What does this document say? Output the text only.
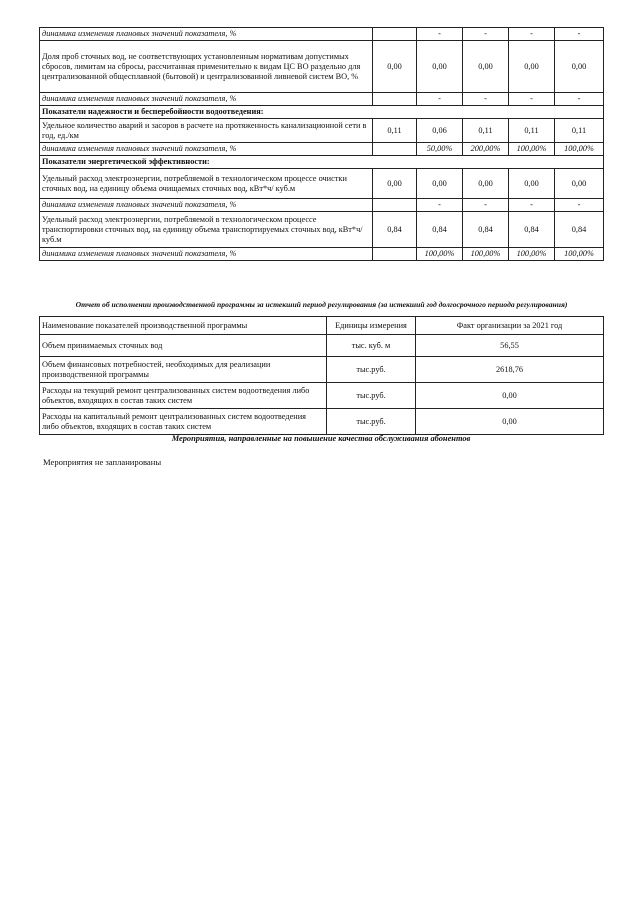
динамика изменения плановых значений показателя, %		-	-	-	-
Доля проб сточных вод, не соответствующих установленным нормативам допустимых сбросов, лимитам на сбросы, рассчитанная применительно к видам ЦС ВО раздельно для централизованной общесплавной (бытовой) и централизованной ливневой систем ВО, %	0,00	0,00	0,00	0,00	0,00
динамика изменения плановых значений показателя, %		-	-	-	-
Показатели надежности и бесперебойности водоотведения:					
Удельное количество аварий и засоров в расчете на протяженность канализационной сети в год, ед./км	0,11	0,06	0,11	0,11	0,11
динамика изменения плановых значений показателя, %		50,00%	200,00%	100,00%	100,00%
Показатели энергетической эффективности:					
Удельный расход электроэнергии, потребляемой в технологическом процессе очистки сточных вод, на единицу объема очищаемых сточных вод, кВт*ч/ куб.м	0,00	0,00	0,00	0,00	0,00
динамика изменения плановых значений показателя, %		-	-	-	-
Удельный расход электроэнергии, потребляемой в технологическом процессе транспортировки сточных вод, на единицу объема транспортируемых сточных вод, кВт*ч/ куб.м	0,84	0,84	0,84	0,84	0,84
динамика изменения плановых значений показателя, %		100,00%	100,00%	100,00%	100,00%
Отчет об исполнении производственной программы за истекший период регулирования (за истекший год долгосрочного периода регулирования)		
Наименование показателей производственной программы	Единицы измерения	Факт организации за 2021 год
Объем принимаемых сточных вод	тыс. куб. м	56,55
Объем финансовых потребностей, необходимых для реализации производственной программы	тыс.руб.	2618,76
Расходы на текущий ремонт централизованных систем водоотведения либо объектов, входящих в состав таких систем	тыс.руб.	0,00
Расходы на капитальный ремонт централизованных систем водоотведения либо объектов, входящих в состав таких систем	тыс.руб.	0,00
Мероприятия, направленные на повышение качества обслуживания абонентов
Мероприятия не запланированы
